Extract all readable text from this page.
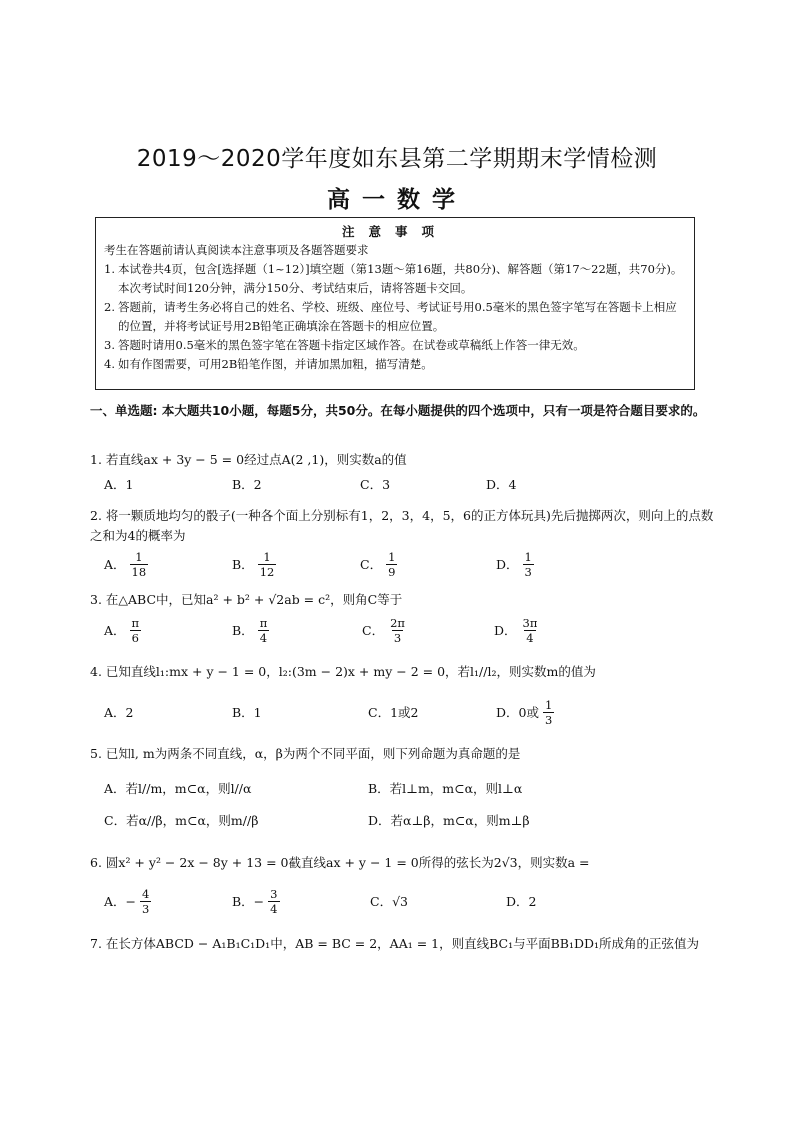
2019～2020学年度如东县第二学期期末学情检测
高一数学
注意事项
考生在答题前请认真阅读本注意事项及各题答题要求
1. 本试卷共4页，包含[选择题（1~12）]填空题（第13题～第16题，共80分)、解答题（第17～22题，共70分)。本次考试时间120分钟，满分150分、考试结束后，请将答题卡交回。
2. 答题前，请考生务必将自己的姓名、学校、班级、座位号、考试证号用0.5毫米的黑色签字笔写在答题卡上相应的位置，并将考试证号用2B铅笔正确填涂在答题卡的相应位置。
3. 答题时请用0.5毫米的黑色签字笔在答题卡指定区域作答。在试卷或草稿纸上作答一律无效。
4. 如有作图需要，可用2B铅笔作图，并请加黑加粗，描写清楚。
一、单选题: 本大题共10小题，每题5分，共50分。在每小题提供的四个选项中，只有一项是符合题目要求的。
1. 若直线ax + 3y − 5 = 0经过点A(2 ,1)，则实数a的值
A．1	B．2	C．3	D．4
2. 将一颗质地均匀的骰子(一种各个面上分别标有1，2，3，4，5，6的正方体玩具)先后抛掷两次，则向上的点数之和为4的概率为
A． $\frac{1}{18}$	B． $\frac{1}{12}$	C． $\frac{1}{9}$	D． $\frac{1}{3}$
3. 在△ABC中，已知a² + b² + √2ab = c²，则角C等于
A． $\frac{\pi}{6}$	B． $\frac{\pi}{4}$	C． $\frac{2\pi}{3}$	D． $\frac{3\pi}{4}$
4. 已知直线l₁:mx + y − 1 = 0，l₂:(3m − 2)x + my − 2 = 0，若l₁//l₂，则实数m的值为
A．2	B．1	C．1或2	D．0或 $\frac{1}{3}$
5. 已知l, m为两条不同直线，α，β为两个不同平面，则下列命题为真命题的是
A．若l//m，m⊂α，则l//α	B．若l⊥m，m⊂α，则l⊥α
C．若α//β，m⊂α，则m//β	D．若α⊥β，m⊂α，则m⊥β
6. 圆x² + y² − 2x − 8y + 13 = 0截直线ax + y − 1 = 0所得的弦长为2√3，则实数a =
A．− $\frac{4}{3}$	B．− $\frac{3}{4}$	C．√3	D．2
7. 在长方体ABCD − A₁B₁C₁D₁中，AB = BC = 2，AA₁ = 1，则直线BC₁与平面BB₁DD₁所成角的正弦值为
